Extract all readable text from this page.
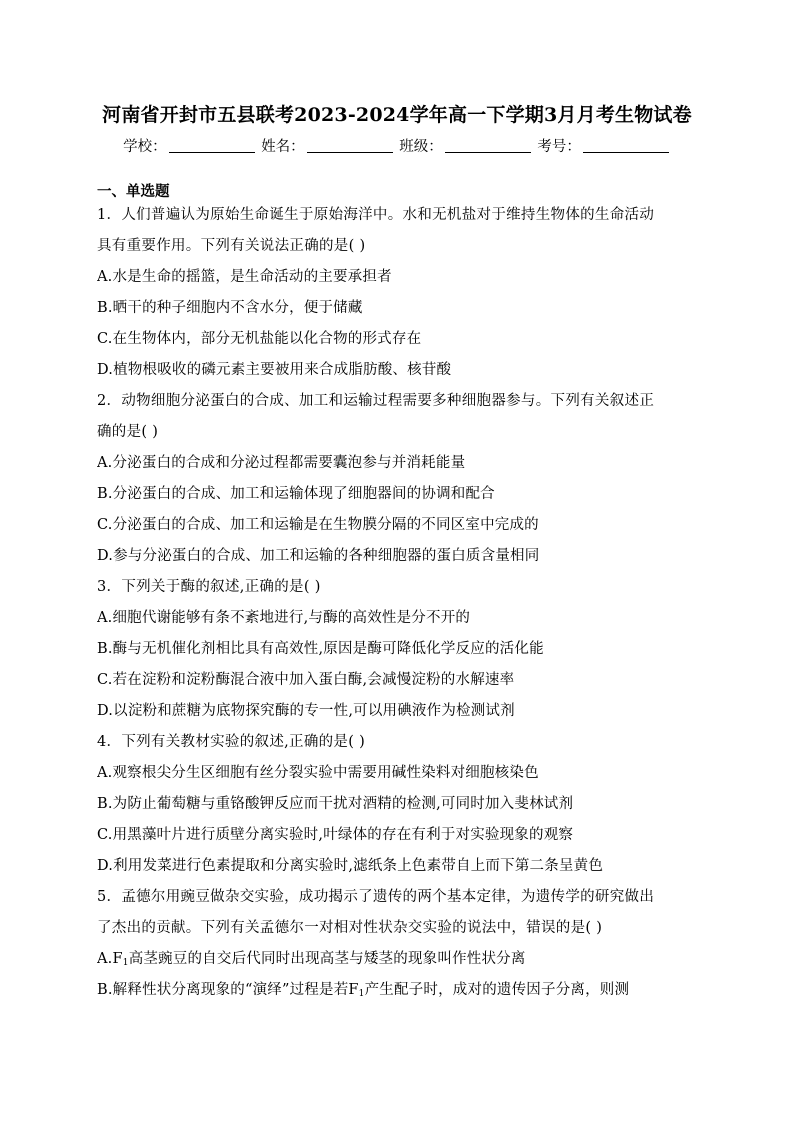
河南省开封市五县联考2023-2024学年高一下学期3月月考生物试卷
学校：	姓名：	班级：	考号：
一、单选题
1．人们普遍认为原始生命诞生于原始海洋中。水和无机盐对于维持生物体的生命活动
具有重要作用。下列有关说法正确的是( )
A.水是生命的摇篮，是生命活动的主要承担者
B.晒干的种子细胞内不含水分，便于储藏
C.在生物体内，部分无机盐能以化合物的形式存在
D.植物根吸收的磷元素主要被用来合成脂肪酸、核苷酸
2．动物细胞分泌蛋白的合成、加工和运输过程需要多种细胞器参与。下列有关叙述正
确的是( )
A.分泌蛋白的合成和分泌过程都需要囊泡参与并消耗能量
B.分泌蛋白的合成、加工和运输体现了细胞器间的协调和配合
C.分泌蛋白的合成、加工和运输是在生物膜分隔的不同区室中完成的
D.参与分泌蛋白的合成、加工和运输的各种细胞器的蛋白质含量相同
3．下列关于酶的叙述,正确的是( )
A.细胞代谢能够有条不紊地进行,与酶的高效性是分不开的
B.酶与无机催化剂相比具有高效性,原因是酶可降低化学反应的活化能
C.若在淀粉和淀粉酶混合液中加入蛋白酶,会减慢淀粉的水解速率
D.以淀粉和蔗糖为底物探究酶的专一性,可以用碘液作为检测试剂
4．下列有关教材实验的叙述,正确的是( )
A.观察根尖分生区细胞有丝分裂实验中需要用碱性染料对细胞核染色
B.为防止葡萄糖与重铬酸钾反应而干扰对酒精的检测,可同时加入斐林试剂
C.用黑藻叶片进行质壁分离实验时,叶绿体的存在有利于对实验现象的观察
D.利用发菜进行色素提取和分离实验时,滤纸条上色素带自上而下第二条呈黄色
5．孟德尔用豌豆做杂交实验，成功揭示了遗传的两个基本定律，为遗传学的研究做出
了杰出的贡献。下列有关孟德尔一对相对性状杂交实验的说法中，错误的是( )
$A.F_1$高茎豌豆的自交后代同时出现高茎与矮茎的现象叫作性状分离
B.解释性状分离现象的“演绎”过程是若$F_1$产生配子时，成对的遗传因子分离，则测
